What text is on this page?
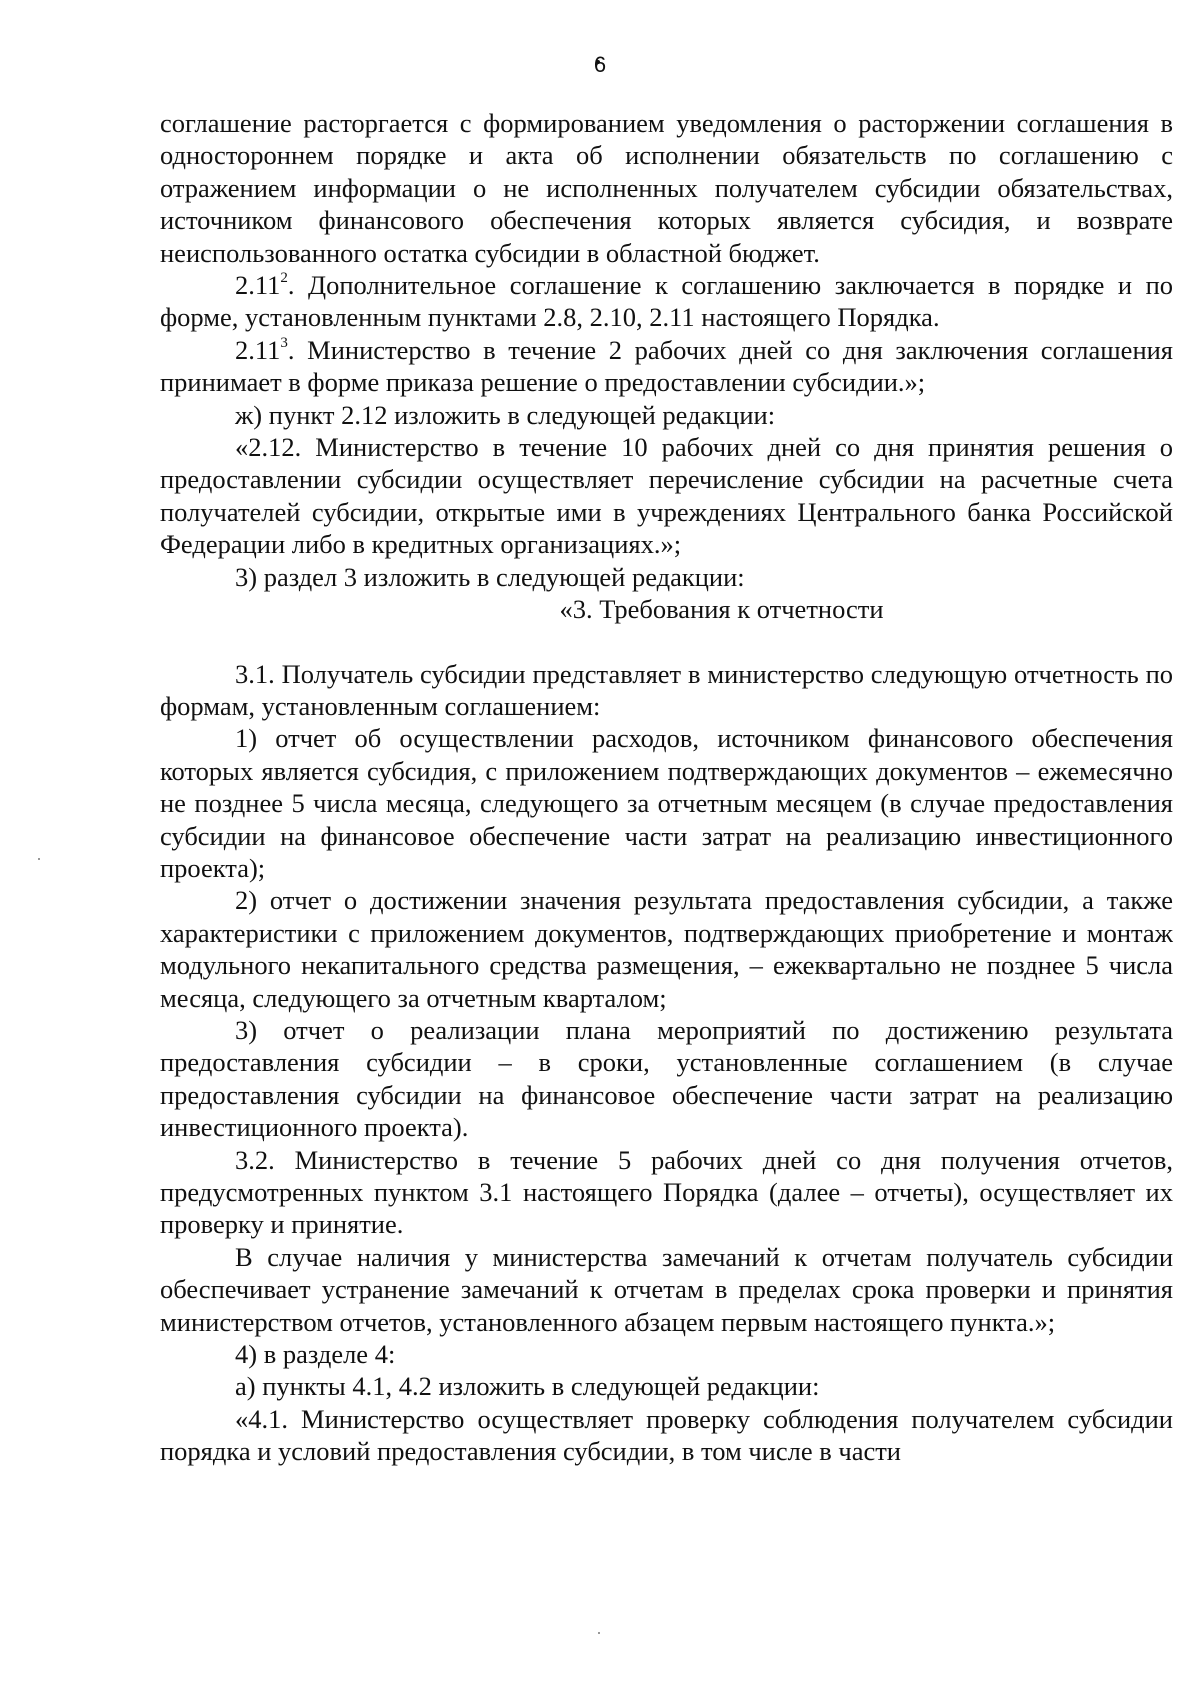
6

соглашение расторгается с формированием уведомления о расторжении соглашения в одностороннем порядке и акта об исполнении обязательств по соглашению с отражением информации о не исполненных получателем субсидии обязательствах, источником финансового обеспечения которых является субсидия, и возврате неиспользованного остатка субсидии в областной бюджет.

2.11$^2$. Дополнительное соглашение к соглашению заключается в порядке и по форме, установленным пунктами 2.8, 2.10, 2.11 настоящего Порядка.

2.11$^3$. Министерство в течение 2 рабочих дней со дня заключения соглашения принимает в форме приказа решение о предоставлении субсидии.»;

ж) пункт 2.12 изложить в следующей редакции:

«2.12. Министерство в течение 10 рабочих дней со дня принятия решения о предоставлении субсидии осуществляет перечисление субсидии на расчетные счета получателей субсидии, открытые ими в учреждениях Центрального банка Российской Федерации либо в кредитных организациях.»;

3) раздел 3 изложить в следующей редакции:

«3. Требования к отчетности

3.1. Получатель субсидии представляет в министерство следующую отчетность по формам, установленным соглашением:

1) отчет об осуществлении расходов, источником финансового обеспечения которых является субсидия, с приложением подтверждающих документов – ежемесячно не позднее 5 числа месяца, следующего за отчетным месяцем (в случае предоставления субсидии на финансовое обеспечение части затрат на реализацию инвестиционного проекта);

2) отчет о достижении значения результата предоставления субсидии, а также характеристики с приложением документов, подтверждающих приобретение и монтаж модульного некапитального средства размещения, – ежеквартально не позднее 5 числа месяца, следующего за отчетным кварталом;

3) отчет о реализации плана мероприятий по достижению результата предоставления субсидии – в сроки, установленные соглашением (в случае предоставления субсидии на финансовое обеспечение части затрат на реализацию инвестиционного проекта).

3.2. Министерство в течение 5 рабочих дней со дня получения отчетов, предусмотренных пунктом 3.1 настоящего Порядка (далее – отчеты), осуществляет их проверку и принятие.

В случае наличия у министерства замечаний к отчетам получатель субсидии обеспечивает устранение замечаний к отчетам в пределах срока проверки и принятия министерством отчетов, установленного абзацем первым настоящего пункта.»;

4) в разделе 4:

а) пункты 4.1, 4.2 изложить в следующей редакции:

«4.1. Министерство осуществляет проверку соблюдения получателем субсидии порядка и условий предоставления субсидии, в том числе в части
